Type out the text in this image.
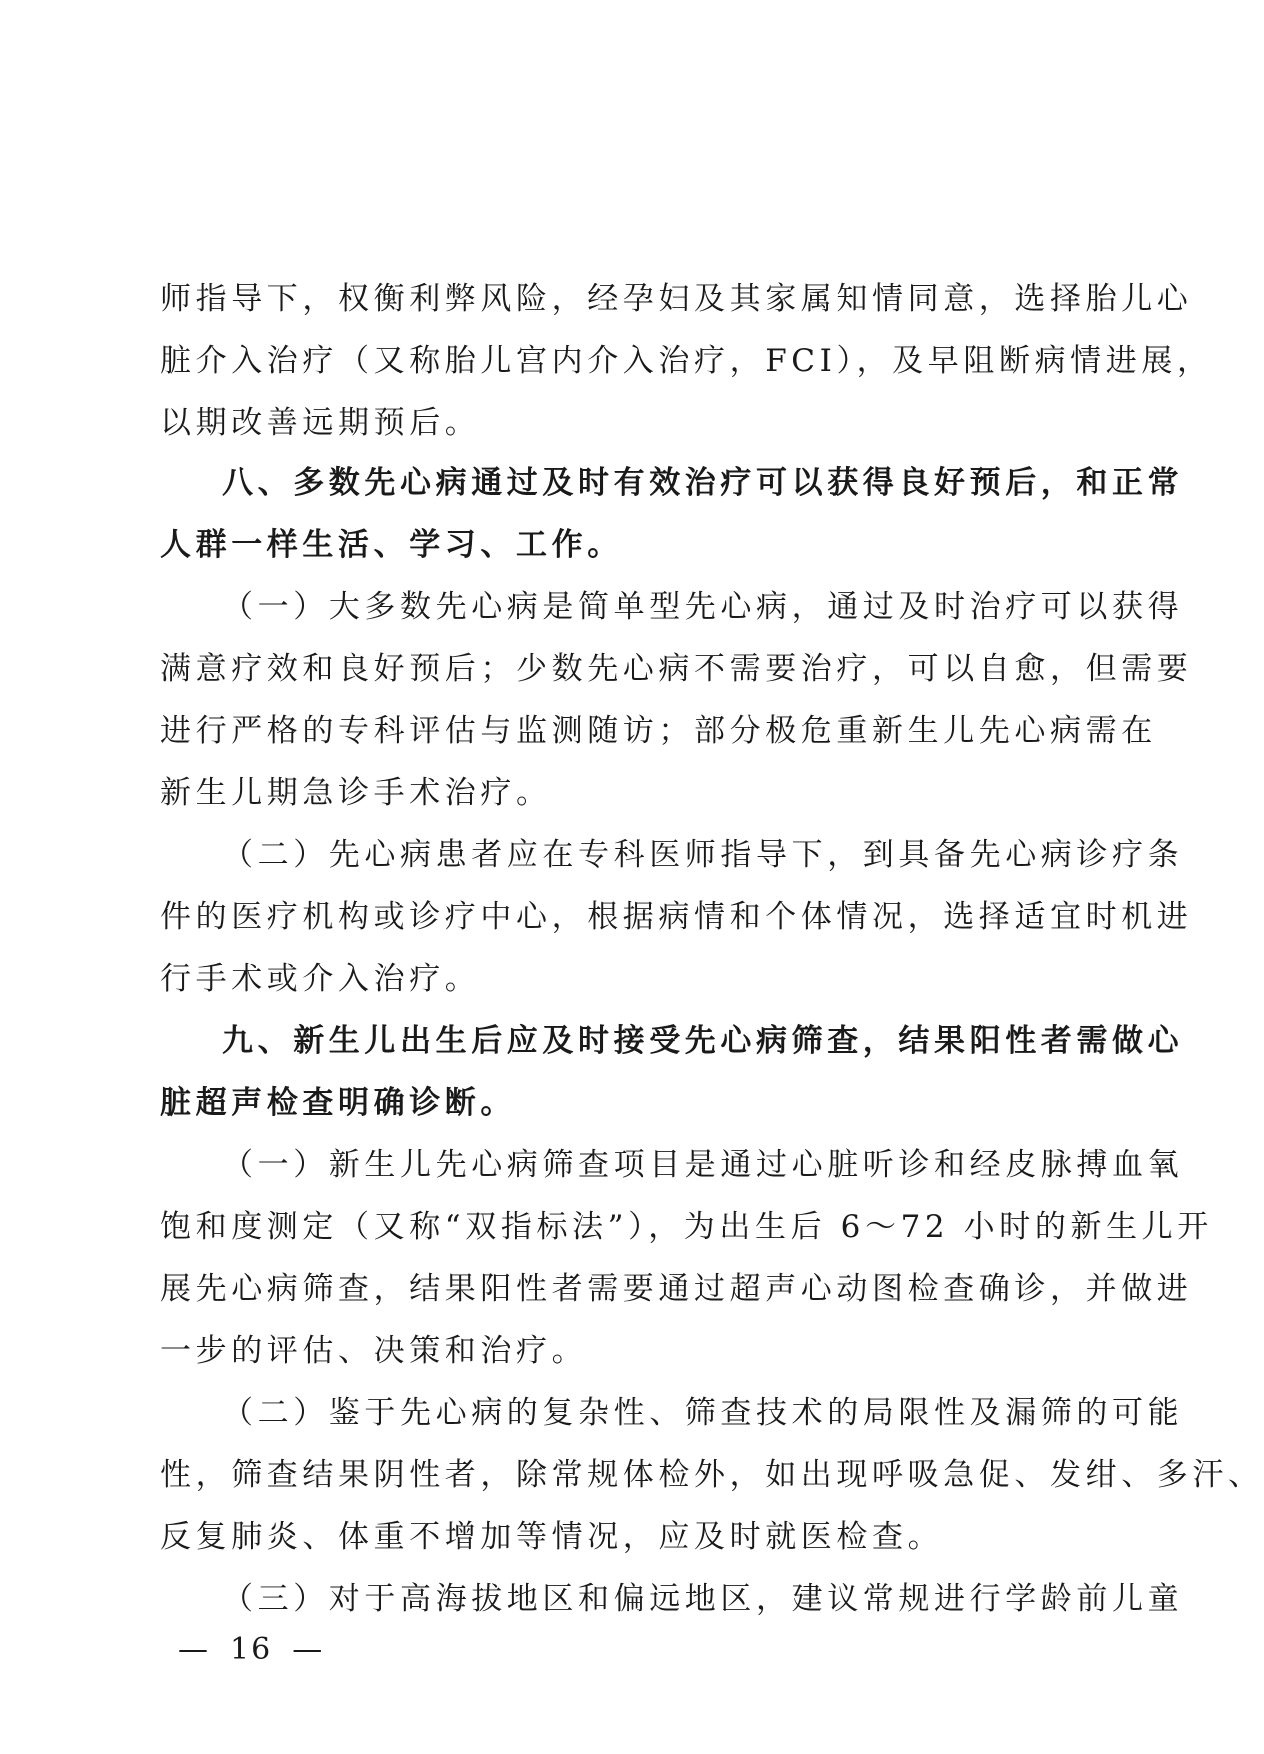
师指导下，权衡利弊风险，经孕妇及其家属知情同意，选择胎儿心
脏介入治疗（又称胎儿宫内介入治疗，FCI），及早阻断病情进展，
以期改善远期预后。
八、多数先心病通过及时有效治疗可以获得良好预后，和正常
人群一样生活、学习、工作。
（一）大多数先心病是简单型先心病，通过及时治疗可以获得
满意疗效和良好预后；少数先心病不需要治疗，可以自愈，但需要
进行严格的专科评估与监测随访；部分极危重新生儿先心病需在
新生儿期急诊手术治疗。
（二）先心病患者应在专科医师指导下，到具备先心病诊疗条
件的医疗机构或诊疗中心，根据病情和个体情况，选择适宜时机进
行手术或介入治疗。
九、新生儿出生后应及时接受先心病筛查，结果阳性者需做心
脏超声检查明确诊断。
（一）新生儿先心病筛查项目是通过心脏听诊和经皮脉搏血氧
饱和度测定（又称“双指标法”），为出生后 6～72 小时的新生儿开
展先心病筛查，结果阳性者需要通过超声心动图检查确诊，并做进
一步的评估、决策和治疗。
（二）鉴于先心病的复杂性、筛查技术的局限性及漏筛的可能
性，筛查结果阴性者，除常规体检外，如出现呼吸急促、发绀、多汗、
反复肺炎、体重不增加等情况，应及时就医检查。
（三）对于高海拔地区和偏远地区，建议常规进行学龄前儿童
— 16 —
